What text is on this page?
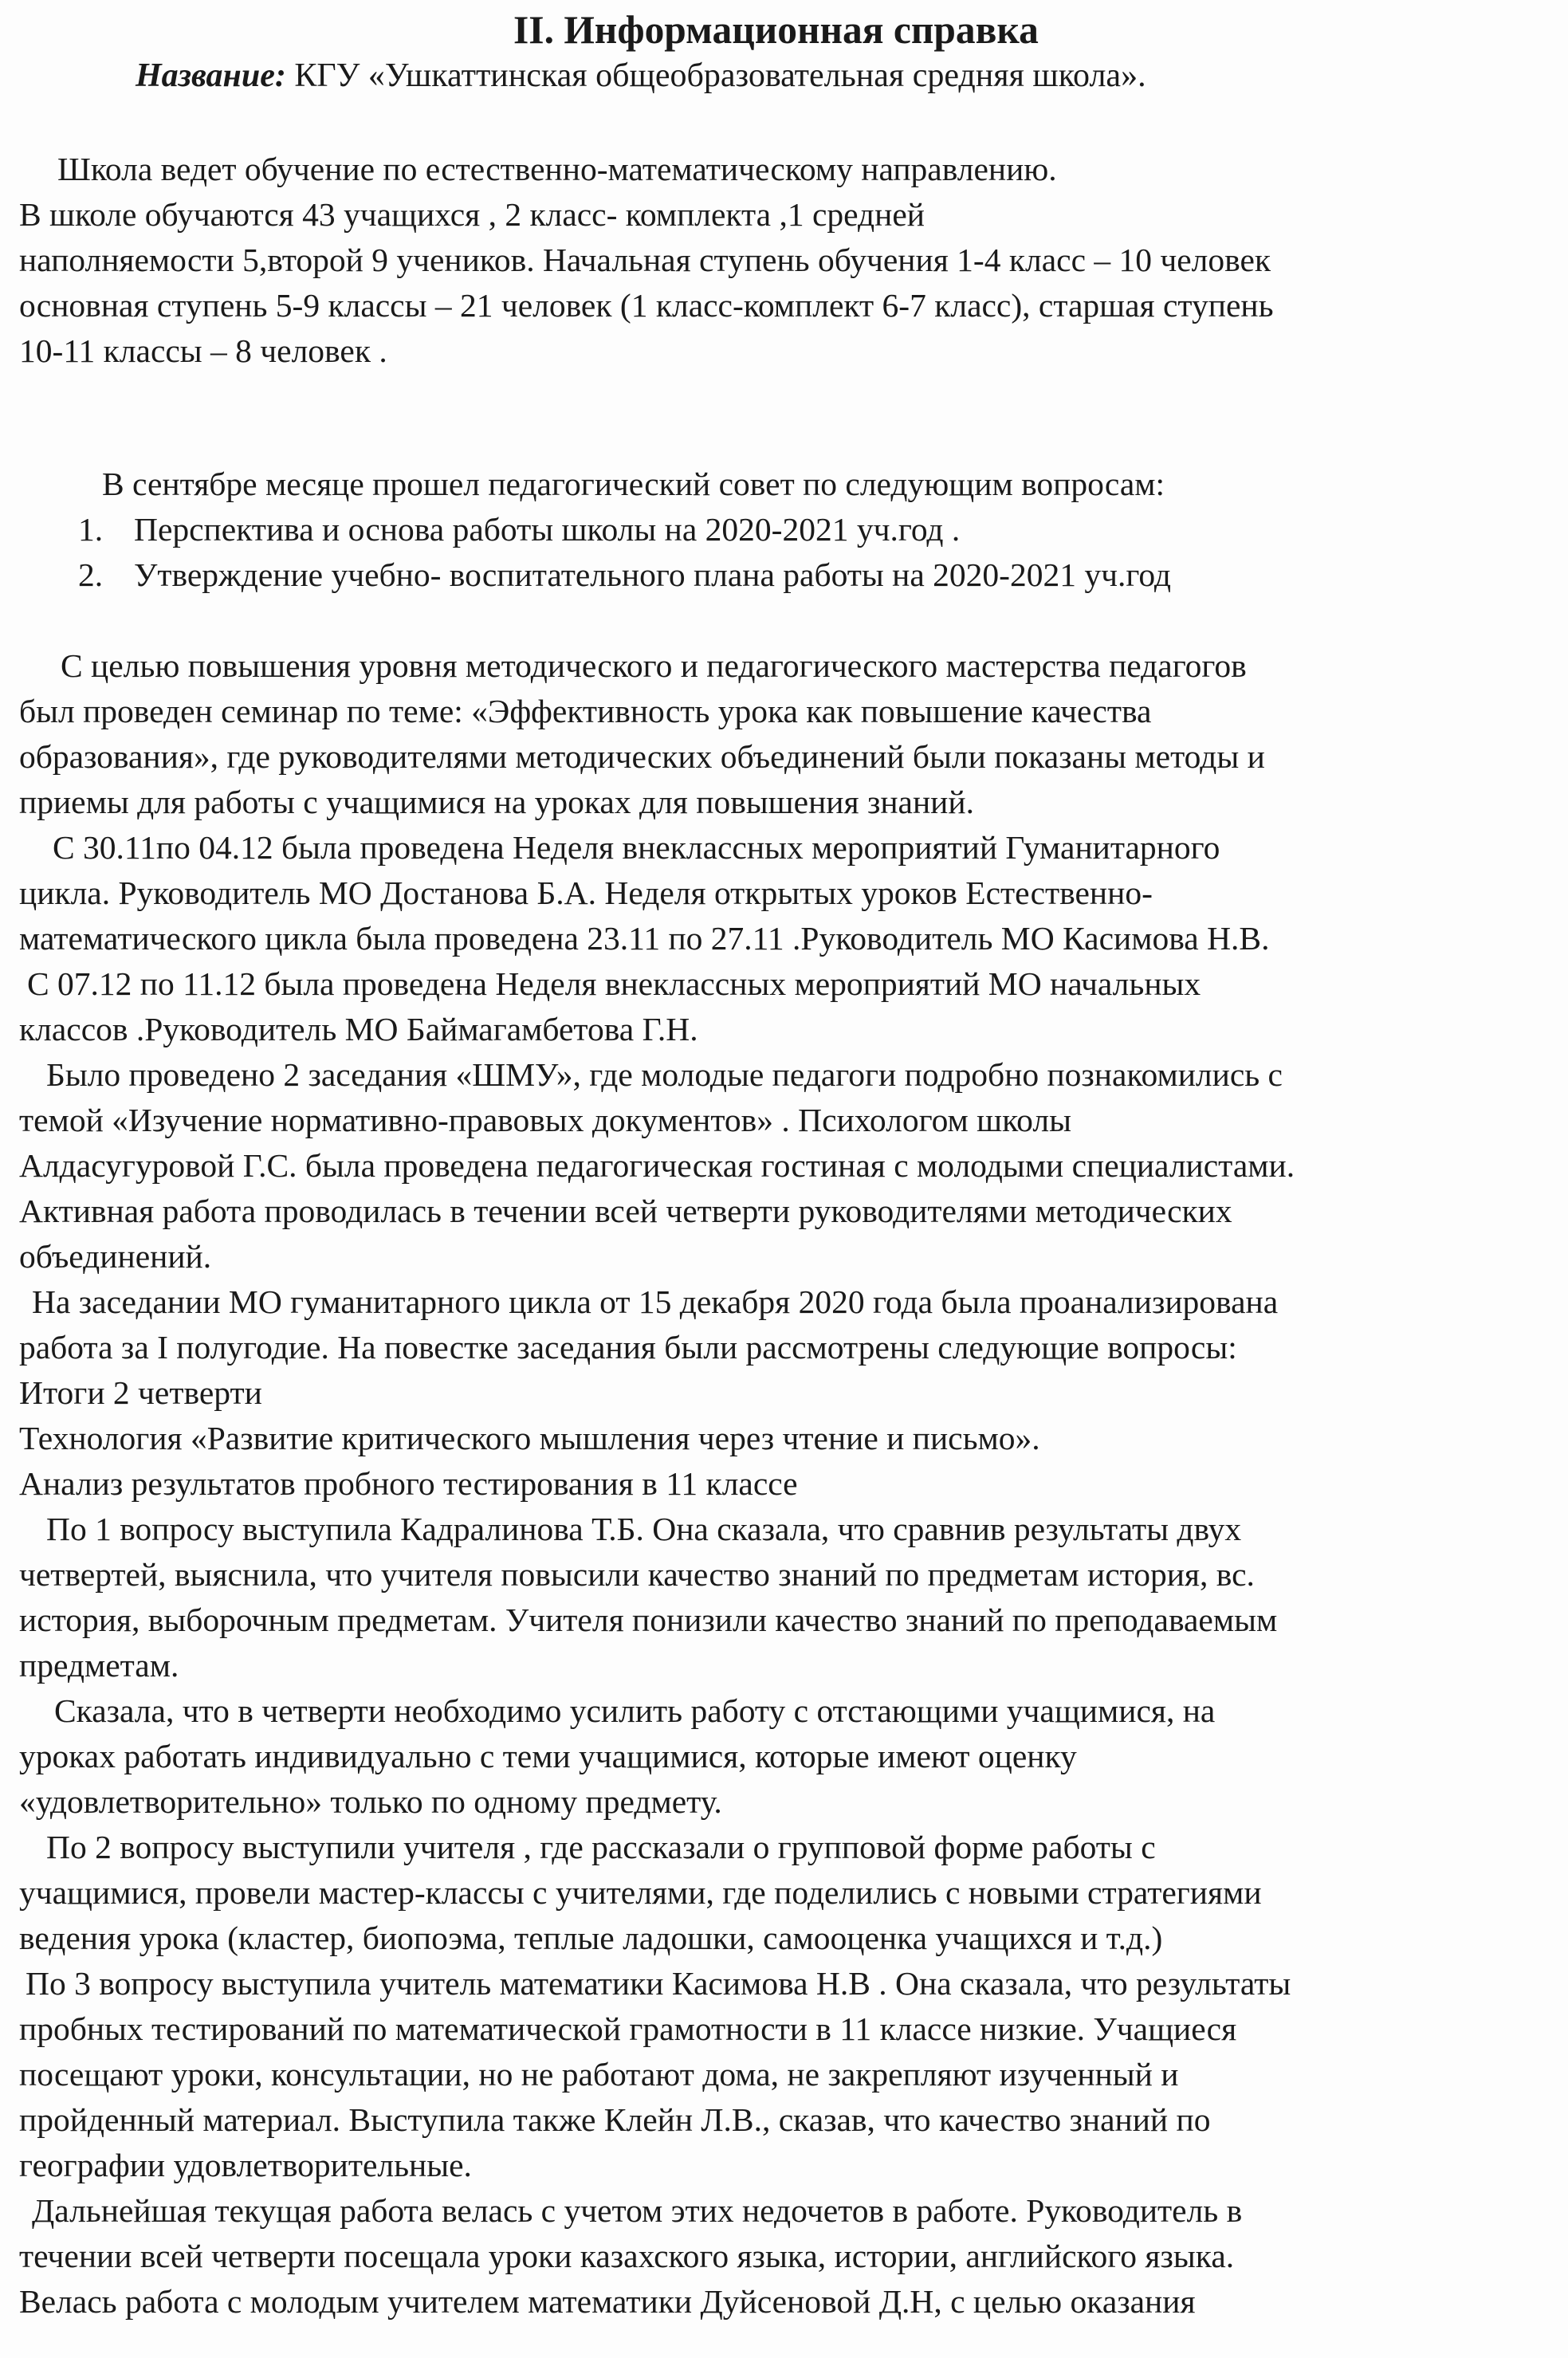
II. Информационная справка
Название: КГУ «Ушкаттинская общеобразовательная средняя школа».
Школа ведет обучение по естественно-математическому направлению.
В школе обучаются 43 учащихся , 2 класс- комплекта ,1 средней
наполняемости 5,второй 9 учеников. Начальная ступень обучения 1-4 класс – 10 человек
основная ступень 5-9 классы – 21 человек (1 класс-комплект 6-7 класс), старшая ступень
10-11 классы – 8 человек .
В сентябре месяце прошел педагогический совет по следующим вопросам:
1. Перспектива и основа работы школы на 2020-2021 уч.год .
2. Утверждение учебно- воспитательного плана работы на 2020-2021 уч.год
С целью повышения уровня методического и педагогического мастерства педагогов
был проведен семинар по теме: «Эффективность урока как повышение качества
образования», где руководителями методических объединений были показаны методы и
приемы для работы с учащимися на уроках для повышения знаний.
С 30.11по 04.12 была проведена Неделя внеклассных мероприятий Гуманитарного
цикла. Руководитель МО Достанова Б.А. Неделя открытых уроков Естественно-
математического цикла была проведена 23.11 по 27.11 .Руководитель МО Касимова Н.В.
С 07.12 по 11.12 была проведена Неделя внеклассных мероприятий МО начальных
классов .Руководитель МО Баймагамбетова Г.Н.
Было проведено 2 заседания «ШМУ», где молодые педагоги подробно познакомились с
темой «Изучение нормативно-правовых документов» . Психологом школы
Алдасугуровой Г.С. была проведена педагогическая гостиная с молодыми специалистами.
Активная работа проводилась в течении всей четверти руководителями методических
объединений.
На заседании МО гуманитарного цикла от 15 декабря 2020 года была проанализирована
работа за I полугодие. На повестке заседания были рассмотрены следующие вопросы:
Итоги 2 четверти
Технология «Развитие критического мышления через чтение и письмо».
Анализ результатов пробного тестирования в 11 классе
По 1 вопросу выступила Кадралинова Т.Б. Она сказала, что сравнив результаты двух
четвертей, выяснила, что учителя повысили качество знаний по предметам история, вс.
история, выборочным предметам. Учителя понизили качество знаний по преподаваемым
предметам.
Сказала, что в четверти необходимо усилить работу с отстающими учащимися, на
уроках работать индивидуально с теми учащимися, которые имеют оценку
«удовлетворительно» только по одному предмету.
По 2 вопросу выступили учителя , где рассказали о групповой форме работы с
учащимися, провели мастер-классы с учителями, где поделились с новыми стратегиями
ведения урока (кластер, биопоэма, теплые ладошки, самооценка учащихся и т.д.)
По 3 вопросу выступила учитель математики Касимова Н.В . Она сказала, что результаты
пробных тестирований по математической грамотности в 11 классе низкие. Учащиеся
посещают уроки, консультации, но не работают дома, не закрепляют изученный и
пройденный материал. Выступила также Клейн Л.В., сказав, что качество знаний по
географии удовлетворительные.
Дальнейшая текущая работа велась с учетом этих недочетов в работе. Руководитель в
течении всей четверти посещала уроки казахского языка, истории, английского языка.
Велась работа с молодым учителем математики Дуйсеновой Д.Н, с целью оказания
